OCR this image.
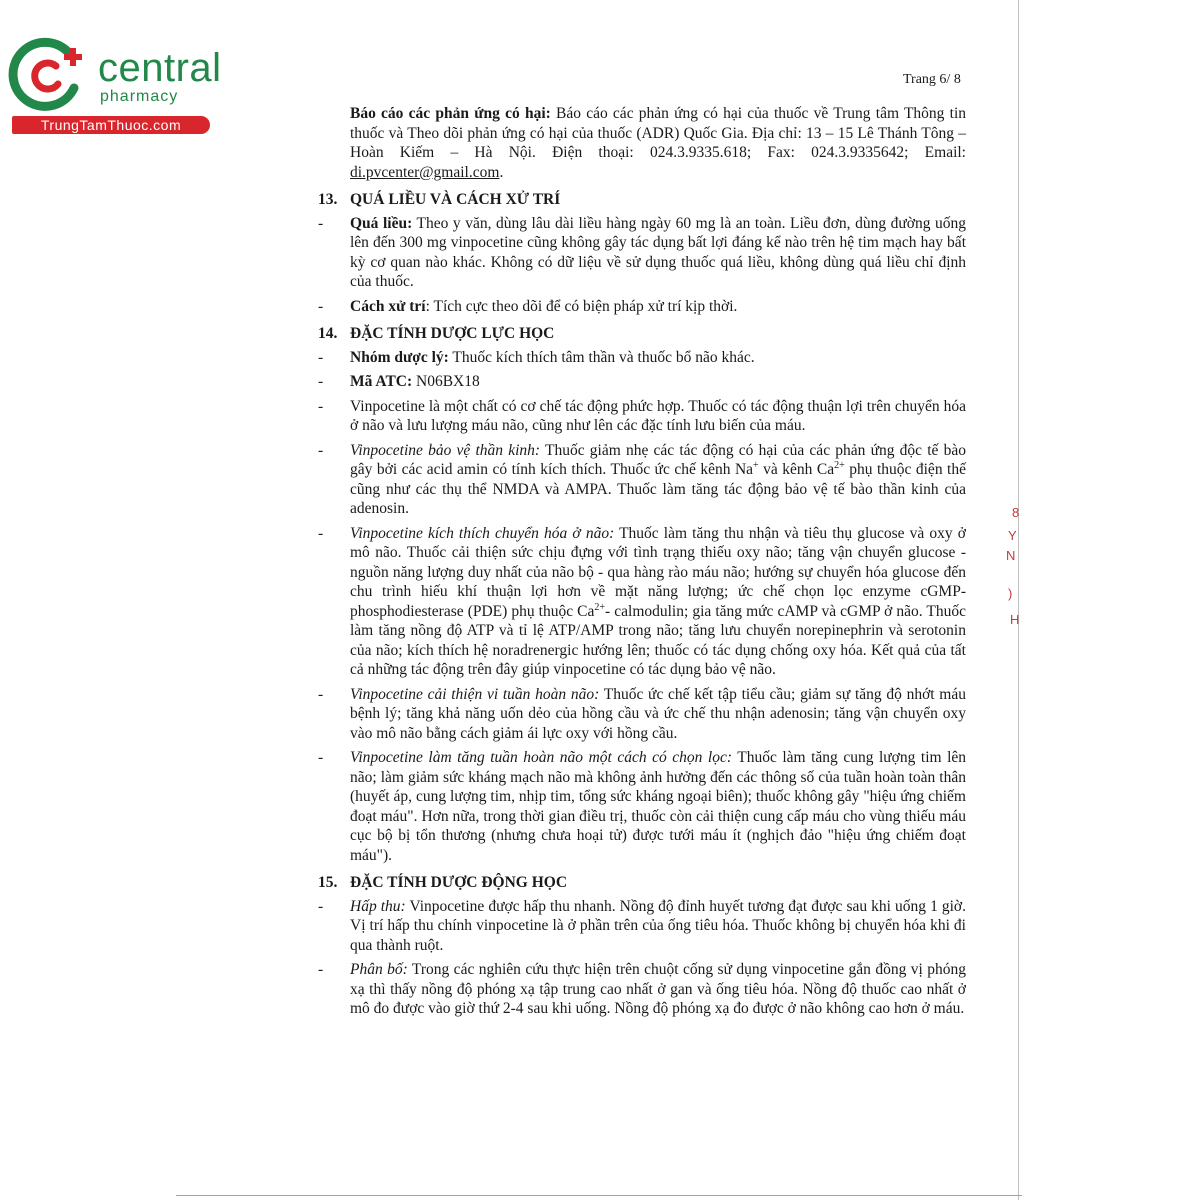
central
pharmacy
TrungTamThuoc.com
Trang 6/ 8
8
Y
N
)
H

Báo cáo các phản ứng có hại: Báo cáo các phản ứng có hại của thuốc về Trung tâm Thông tin thuốc và Theo dõi phản ứng có hại của thuốc (ADR) Quốc Gia. Địa chỉ: 13 – 15 Lê Thánh Tông – Hoàn Kiếm – Hà Nội. Điện thoại: 024.3.9335.618; Fax: 024.3.9335642; Email: di.pvcenter@gmail.com.

13. QUÁ LIỀU VÀ CÁCH XỬ TRÍ
-	Quá liều: Theo y văn, dùng lâu dài liều hàng ngày 60 mg là an toàn. Liều đơn, dùng đường uống lên đến 300 mg vinpocetine cũng không gây tác dụng bất lợi đáng kể nào trên hệ tim mạch hay bất kỳ cơ quan nào khác. Không có dữ liệu về sử dụng thuốc quá liều, không dùng quá liều chỉ định của thuốc.

-	Cách xử trí: Tích cực theo dõi để có biện pháp xử trí kịp thời.

14. ĐẶC TÍNH DƯỢC LỰC HỌC
-	Nhóm dược lý: Thuốc kích thích tâm thần và thuốc bổ não khác.

-	Mã ATC: N06BX18

-	Vinpocetine là một chất có cơ chế tác động phức hợp. Thuốc có tác động thuận lợi trên chuyển hóa ở não và lưu lượng máu não, cũng như lên các đặc tính lưu biến của máu.

-	Vinpocetine bảo vệ thần kinh: Thuốc giảm nhẹ các tác động có hại của các phản ứng độc tế bào gây bởi các acid amin có tính kích thích. Thuốc ức chế kênh Na+ và kênh $Ca^{2+}$ phụ thuộc điện thế cũng như các thụ thể NMDA và AMPA. Thuốc làm tăng tác động bảo vệ tế bào thần kinh của adenosin.

-	Vinpocetine kích thích chuyển hóa ở não: Thuốc làm tăng thu nhận và tiêu thụ glucose và oxy ở mô não. Thuốc cải thiện sức chịu đựng với tình trạng thiếu oxy não; tăng vận chuyển glucose - nguồn năng lượng duy nhất của não bộ - qua hàng rào máu não; hướng sự chuyển hóa glucose đến chu trình hiếu khí thuận lợi hơn về mặt năng lượng; ức chế chọn lọc enzyme cGMP- phosphodiesterase (PDE) phụ thuộc $Ca^{2+}-$ calmodulin; gia tăng mức cAMP và cGMP ở não. Thuốc làm tăng nồng độ ATP và tỉ lệ ATP/AMP trong não; tăng lưu chuyển norepinephrin và serotonin của não; kích thích hệ noradrenergic hướng lên; thuốc có tác dụng chống oxy hóa. Kết quả của tất cả những tác động trên đây giúp vinpocetine có tác dụng bảo vệ não.

-	Vinpocetine cải thiện vi tuần hoàn não: Thuốc ức chế kết tập tiểu cầu; giảm sự tăng độ nhớt máu bệnh lý; tăng khả năng uốn dẻo của hồng cầu và ức chế thu nhận adenosin; tăng vận chuyển oxy vào mô não bằng cách giảm ái lực oxy với hồng cầu.

-	Vinpocetine làm tăng tuần hoàn não một cách có chọn lọc: Thuốc làm tăng cung lượng tim lên não; làm giảm sức kháng mạch não mà không ảnh hưởng đến các thông số của tuần hoàn toàn thân (huyết áp, cung lượng tim, nhịp tim, tổng sức kháng ngoại biên); thuốc không gây "hiệu ứng chiếm đoạt máu". Hơn nữa, trong thời gian điều trị, thuốc còn cải thiện cung cấp máu cho vùng thiếu máu cục bộ bị tổn thương (nhưng chưa hoại tử) được tưới máu ít (nghịch đảo "hiệu ứng chiếm đoạt máu").

15. ĐẶC TÍNH DƯỢC ĐỘNG HỌC
-	Hấp thu: Vinpocetine được hấp thu nhanh. Nồng độ đỉnh huyết tương đạt được sau khi uống 1 giờ. Vị trí hấp thu chính vinpocetine là ở phần trên của ống tiêu hóa. Thuốc không bị chuyển hóa khi đi qua thành ruột.

-	Phân bố: Trong các nghiên cứu thực hiện trên chuột cống sử dụng vinpocetine gắn đồng vị phóng xạ thì thấy nồng độ phóng xạ tập trung cao nhất ở gan và ống tiêu hóa. Nồng độ thuốc cao nhất ở mô đo được vào giờ thứ 2-4 sau khi uống. Nồng độ phóng xạ đo được ở não không cao hơn ở máu.
